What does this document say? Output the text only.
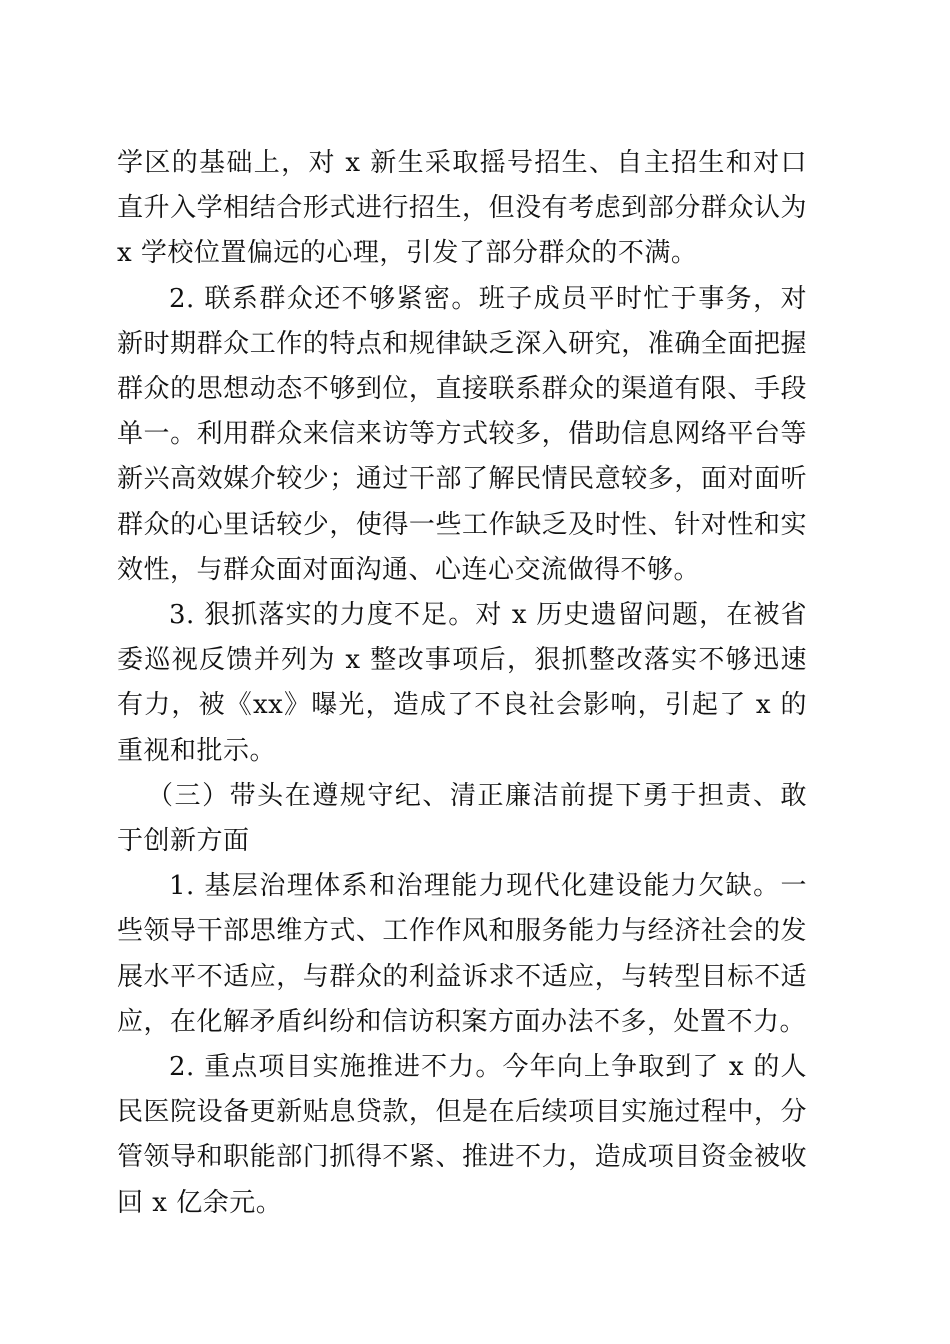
学区的基础上，对 x 新生采取摇号招生、自主招生和对口直升入学相结合形式进行招生，但没有考虑到部分群众认为 x 学校位置偏远的心理，引发了部分群众的不满。

2. 联系群众还不够紧密。班子成员平时忙于事务，对新时期群众工作的特点和规律缺乏深入研究，准确全面把握群众的思想动态不够到位，直接联系群众的渠道有限、手段单一。利用群众来信来访等方式较多，借助信息网络平台等新兴高效媒介较少；通过干部了解民情民意较多，面对面听群众的心里话较少，使得一些工作缺乏及时性、针对性和实效性，与群众面对面沟通、心连心交流做得不够。

3. 狠抓落实的力度不足。对 x 历史遗留问题，在被省委巡视反馈并列为 x 整改事项后，狠抓整改落实不够迅速有力，被《xx》曝光，造成了不良社会影响，引起了 x 的重视和批示。

（三）带头在遵规守纪、清正廉洁前提下勇于担责、敢于创新方面

1. 基层治理体系和治理能力现代化建设能力欠缺。一些领导干部思维方式、工作作风和服务能力与经济社会的发展水平不适应，与群众的利益诉求不适应，与转型目标不适应，在化解矛盾纠纷和信访积案方面办法不多，处置不力。

2. 重点项目实施推进不力。今年向上争取到了 x 的人民医院设备更新贴息贷款，但是在后续项目实施过程中，分管领导和职能部门抓得不紧、推进不力，造成项目资金被收回 x 亿余元。
